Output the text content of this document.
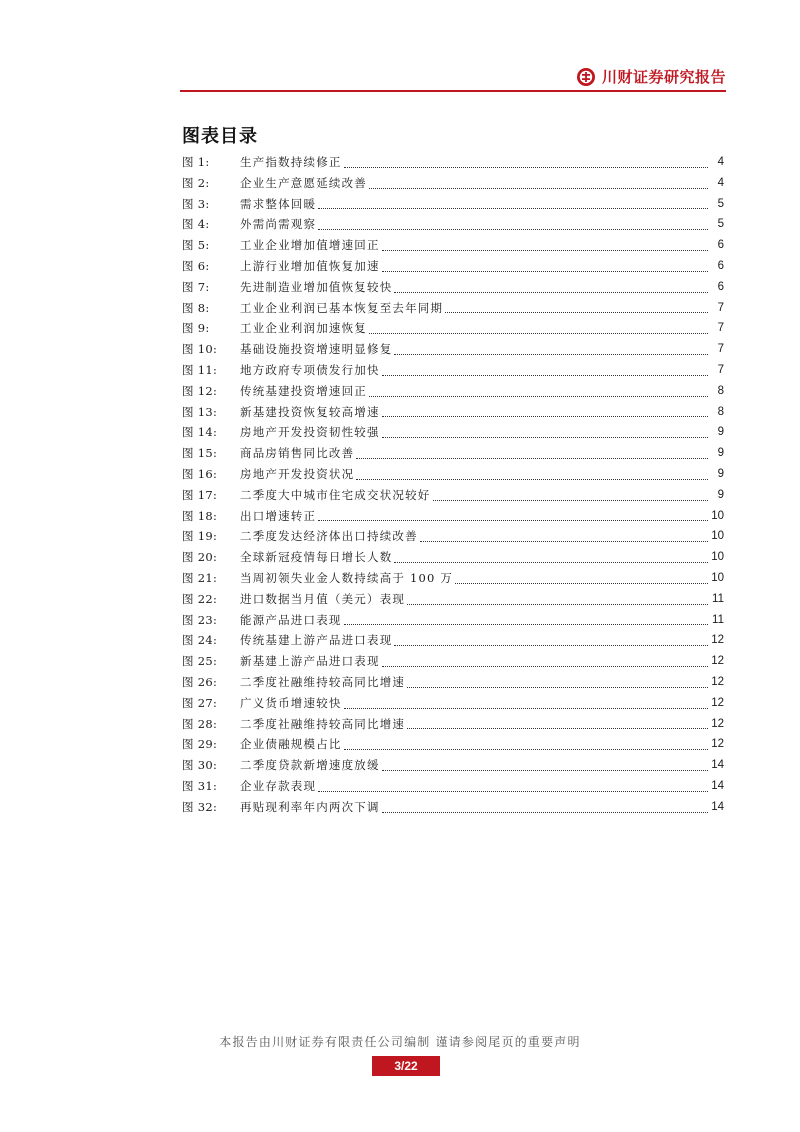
川财证券研究报告
图表目录
图 1:	生产指数持续修正	4
图 2:	企业生产意愿延续改善	4
图 3:	需求整体回暖	5
图 4:	外需尚需观察	5
图 5:	工业企业增加值增速回正	6
图 6:	上游行业增加值恢复加速	6
图 7:	先进制造业增加值恢复较快	6
图 8:	工业企业利润已基本恢复至去年同期	7
图 9:	工业企业利润加速恢复	7
图 10:	基础设施投资增速明显修复	7
图 11:	地方政府专项债发行加快	7
图 12:	传统基建投资增速回正	8
图 13:	新基建投资恢复较高增速	8
图 14:	房地产开发投资韧性较强	9
图 15:	商品房销售同比改善	9
图 16:	房地产开发投资状况	9
图 17:	二季度大中城市住宅成交状况较好	9
图 18:	出口增速转正	10
图 19:	二季度发达经济体出口持续改善	10
图 20:	全球新冠疫情每日增长人数	10
图 21:	当周初领失业金人数持续高于 100 万	10
图 22:	进口数据当月值（美元）表现	11
图 23:	能源产品进口表现	11
图 24:	传统基建上游产品进口表现	12
图 25:	新基建上游产品进口表现	12
图 26:	二季度社融维持较高同比增速	12
图 27:	广义货币增速较快	12
图 28:	二季度社融维持较高同比增速	12
图 29:	企业债融规模占比	12
图 30:	二季度贷款新增速度放缓	14
图 31:	企业存款表现	14
图 32:	再贴现利率年内两次下调	14
本报告由川财证券有限责任公司编制 谨请参阅尾页的重要声明
3/22
